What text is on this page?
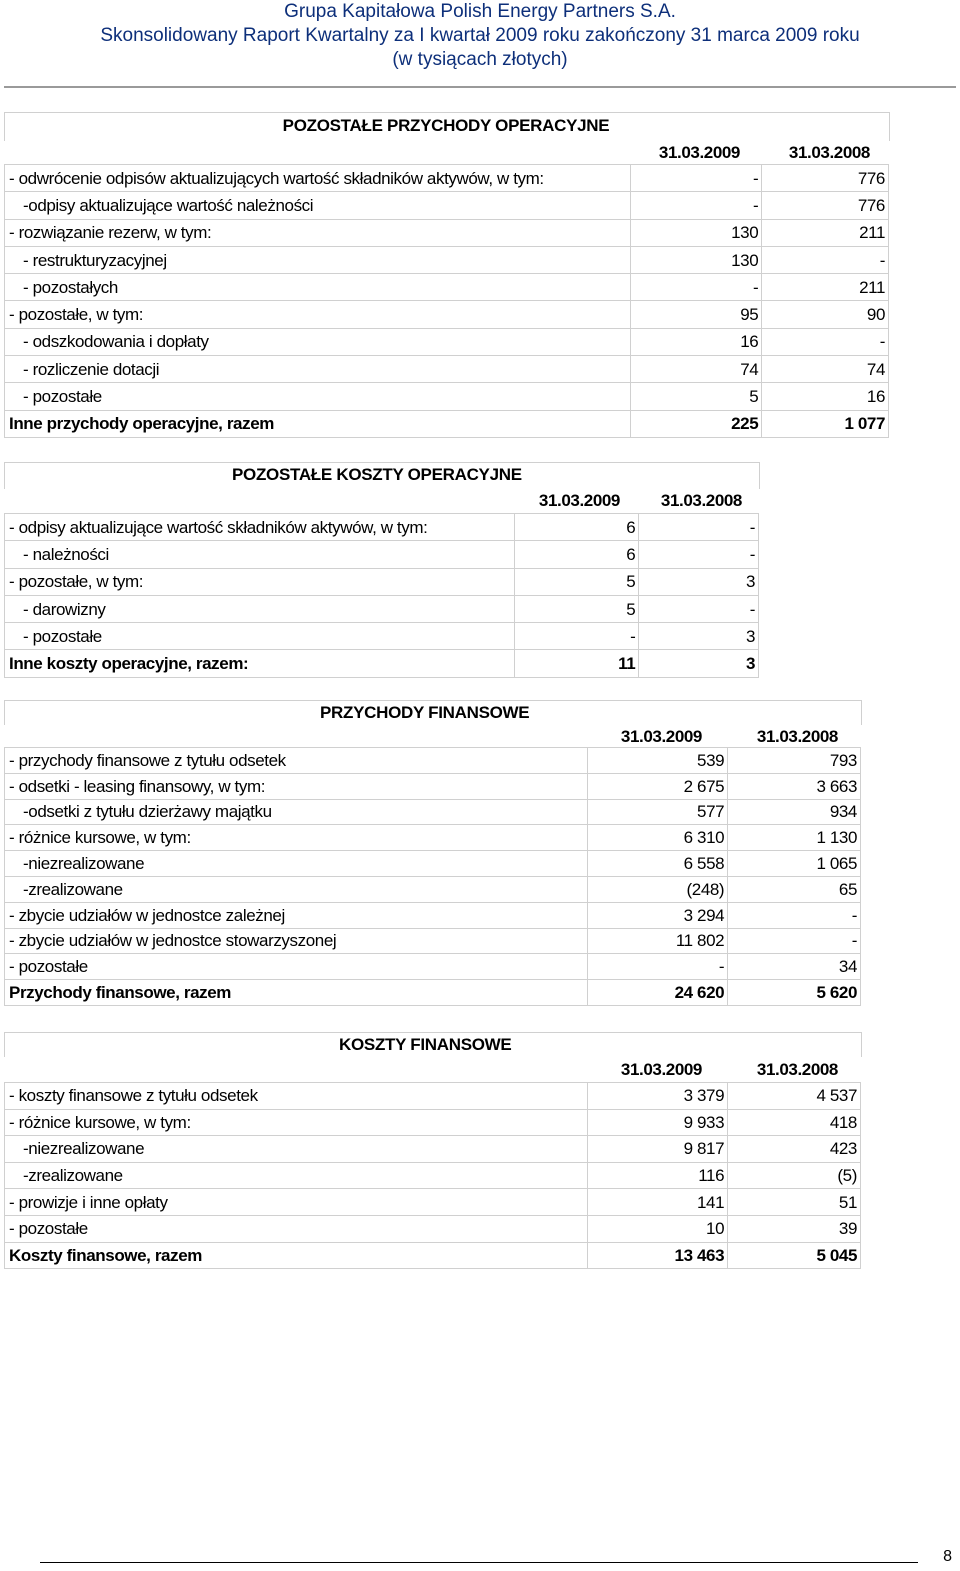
Grupa Kapitałowa Polish Energy Partners S.A.
Skonsolidowany Raport Kwartalny za I kwartał 2009 roku zakończony 31 marca 2009 roku
(w tysiącach złotych)
POZOSTAŁE PRZYCHODY OPERACYJNE
31.03.2009	31.03.2008
- odwrócenie odpisów aktualizujących wartość składników aktywów, w tym:	-	776
-odpisy aktualizujące wartość należności	-	776
- rozwiązanie rezerw, w tym:	130	211
- restrukturyzacyjnej	130	-
- pozostałych	-	211
- pozostałe, w tym:	95	90
- odszkodowania i dopłaty	16	-
- rozliczenie dotacji	74	74
- pozostałe	5	16
Inne przychody operacyjne, razem	225	1 077
POZOSTAŁE KOSZTY OPERACYJNE
31.03.2009	31.03.2008
- odpisy aktualizujące wartość składników aktywów, w tym:	6	-
- należności	6	-
- pozostałe, w tym:	5	3
- darowizny	5	-
- pozostałe	-	3
Inne koszty operacyjne, razem:	11	3
PRZYCHODY FINANSOWE
31.03.2009	31.03.2008
- przychody finansowe z tytułu odsetek	539	793
- odsetki - leasing finansowy, w tym:	2 675	3 663
-odsetki z tytułu dzierżawy majątku	577	934
- różnice kursowe, w tym:	6 310	1 130
-niezrealizowane	6 558	1 065
-zrealizowane	(248)	65
- zbycie udziałów w jednostce zależnej	3 294	-
- zbycie udziałów w jednostce stowarzyszonej	11 802	-
- pozostałe	-	34
Przychody finansowe, razem	24 620	5 620
KOSZTY FINANSOWE
31.03.2009	31.03.2008
- koszty finansowe z tytułu odsetek	3 379	4 537
- różnice kursowe, w tym:	9 933	418
-niezrealizowane	9 817	423
-zrealizowane	116	(5)
- prowizje i inne opłaty	141	51
- pozostałe	10	39
Koszty finansowe, razem	13 463	5 045
8
